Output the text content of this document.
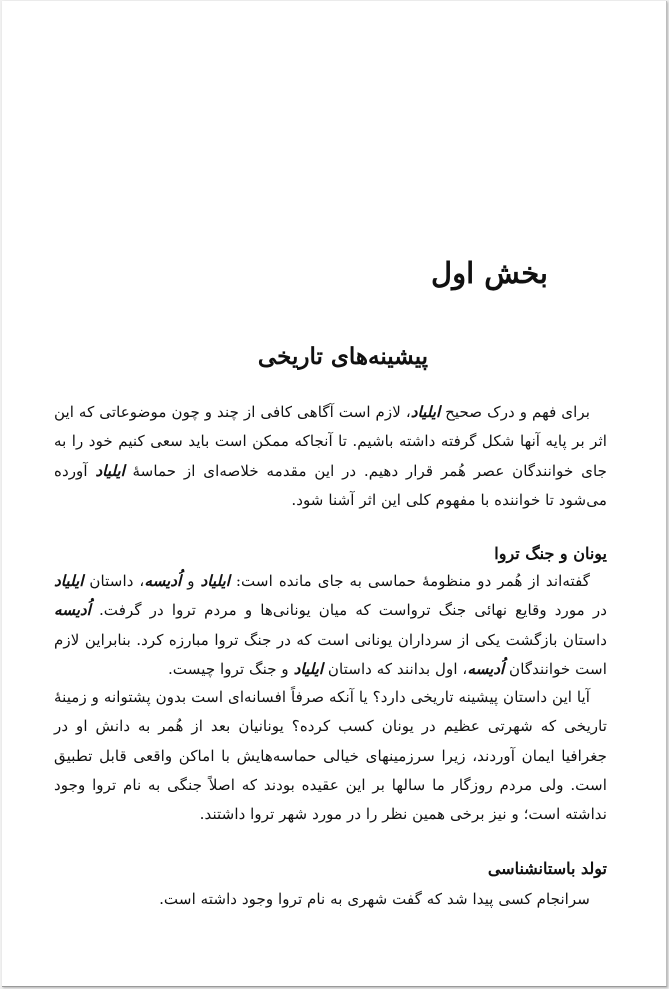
بخش اول
پیشینه‌های تاریخی

برای فهم و درک صحیح ایلیاد، لازم است آگاهی کافی از چند و چون موضوعاتی که این اثر بر پایه آنها شکل گرفته داشته باشیم. تا آنجاکه ممکن است باید سعی کنیم خود را به جای خوانندگان عصر هُمر قرار دهیم. در این مقدمه خلاصه‌ای از حماسهٔ ایلیاد آورده می‌شود تا خواننده با مفهوم کلی این اثر آشنا شود.

یونان و جنگ تروا

گفته‌اند از هُمر دو منظومهٔ حماسی به جای مانده است: ایلیاد و اُدیسه، داستان ایلیاد در مورد وقایع نهائی جنگ ترواست که میان یونانی‌ها و مردم تروا در گرفت. اُدیسه داستان بازگشت یکی از سرداران یونانی است که در جنگ تروا مبارزه کرد. بنابراین لازم است خوانندگان اُدیسه، اول بدانند که داستان ایلیاد و جنگ تروا چیست.

آیا این داستان پیشینه تاریخی دارد؟ یا آنکه صرفاً افسانه‌ای است بدون پشتوانه و زمینهٔ تاریخی که شهرتی عظیم در یونان کسب کرده؟ یونانیان بعد از هُمر به دانش او در جغرافیا ایمان آوردند، زیرا سرزمینهای خیالی حماسه‌هایش با اماکن واقعی قابل تطبیق است. ولی مردم روزگار ما سالها بر این عقیده بودند که اصلاً جنگی به نام تروا وجود نداشته است؛ و نیز برخی همین نظر را در مورد شهر تروا داشتند.

تولد باستانشناسی

سرانجام کسی پیدا شد که گفت شهری به نام تروا وجود داشته است.
